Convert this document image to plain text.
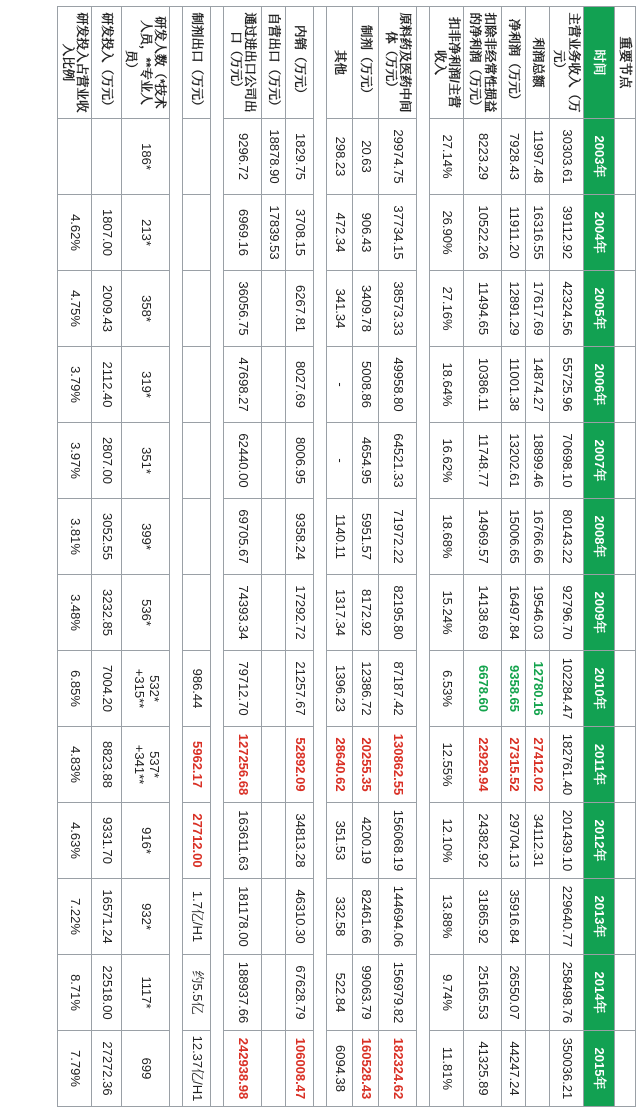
重要节点		国际化元年							渠道初成		获得回报		
时间	2003年	2004年	2005年	2006年	2007年	2008年	2009年	2010年	2011年	2012年	2013年	2014年	2015年
主营业务收入（万元）	30303.61	39112.92	42324.56	55725.96	70698.10	80143.22	92796.70	102284.47	182761.40	201439.10	229640.77	258498.76	350036.21
利润总额	11997.48	16316.55	17617.69	14874.27	18899.46	16766.66	19546.03	12780.16	27412.02	34112.31			
净利润（万元）	7928.43	11911.20	12891.29	11001.38	13202.61	15006.65	16497.84	9358.65	27315.52	29704.13	35916.84	26550.07	44247.24
扣除非经常性损益的净利润（万元）	8223.29	10522.26	11494.65	10386.11	11748.77	14969.57	14138.69	6678.60	22929.94	24382.92	31865.92	25165.53	41325.89
扣非净利润/主营收入	27.14%	26.90%	27.16%	18.64%	16.62%	18.68%	15.24%	6.53%	12.55%	12.10%	13.88%	9.74%	11.81%

原料药及医药中间体（万元）	29974.75	37734.15	38573.33	49958.80	64521.33	71972.22	82195.80	87187.42	130862.55	156068.19	144694.06	156979.82	182324.62
制剂（万元）	20.63	906.43	3409.78	5008.86	4654.95	5951.57	8172.92	12386.72	20255.35	4200.19	82461.66	99063.79	160528.43
其他	298.23	472.34	341.34	-	-	1140.11	1317.34	1396.23	28640.62	351.53	332.58	522.84	6094.38

内销（万元）	1829.75	3708.15	6267.81	8027.69	8006.95	9358.24	17292.72	21257.67	52892.09	34813.28	46310.30	67628.79	106008.47
自营出口（万元）	18878.90	17839.53											
通过进出口公司出口（万元）	9296.72	6969.16	36056.75	47698.27	62440.00	69705.67	74393.34	79712.70	127256.68	163611.63	181178.00	188937.66	242938.98

制剂出口（万元）								986.44	5962.17	27712.00	1.7亿/H1	约5.5亿	12.37亿/H1

研发人数（*技术人员，**专业人员）	186*	213*	358*	319*	351*	399*	536*	532* +315**	537* +341**	916*	932*	1117*	699
研发投入（万元）		1807.00	2009.43	2112.40	2807.00	3052.55	3232.85	7004.20	8823.88	9331.70	16571.24	22518.00	27272.36
研发投入占营业收入比例		4.62%	4.75%	3.79%	3.97%	3.81%	3.48%	6.85%	4.83%	4.63%	7.22%	8.71%	7.79%
